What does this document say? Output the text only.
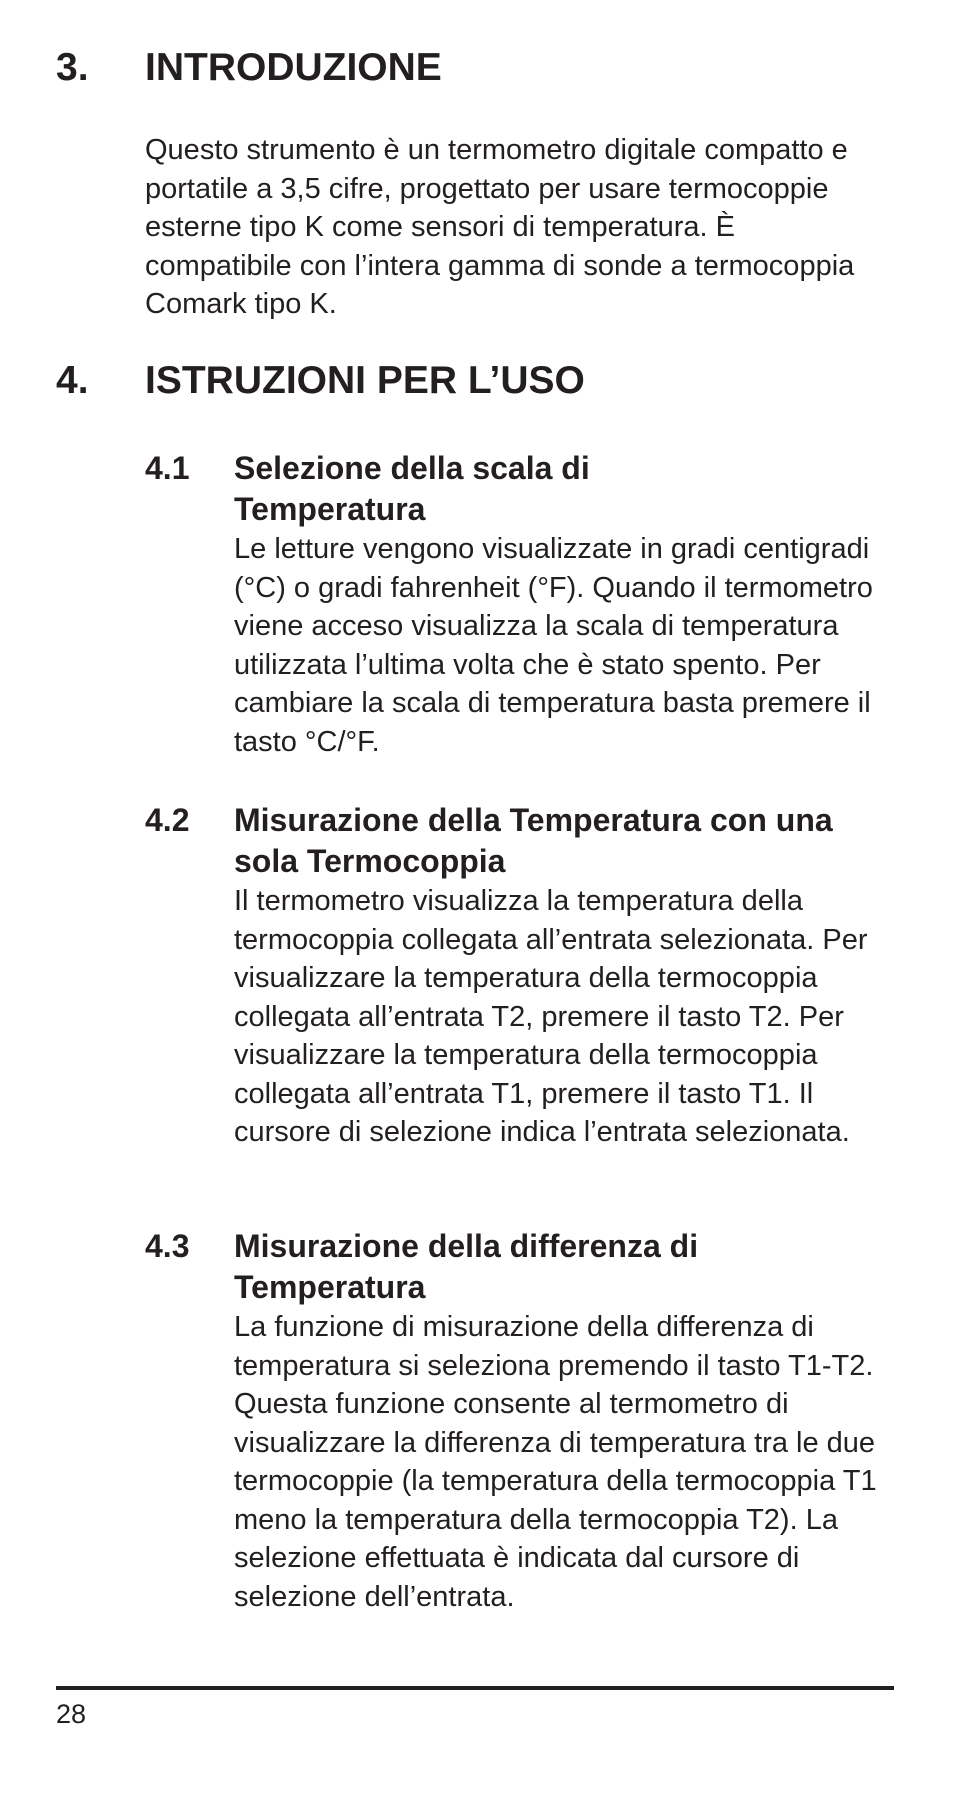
3. INTRODUZIONE

Questo strumento è un termometro digitale compatto e portatile a 3,5 cifre, progettato per usare termocoppie esterne tipo K come sensori di temperatura. È compatibile con l’intera gamma di sonde a termocoppia Comark tipo K.

4. ISTRUZIONI PER L’USO
4.1 Selezione della scala di Temperatura

Le letture vengono visualizzate in gradi centigradi (°C) o gradi fahrenheit (°F). Quando il termometro viene acceso visualizza la scala di temperatura utilizzata l’ultima volta che è stato spento. Per cambiare la scala di temperatura basta premere il tasto °C/°F.

4.2 Misurazione della Temperatura con una sola Termocoppia

Il termometro visualizza la temperatura della termocoppia collegata all’entrata selezionata. Per visualizzare la temperatura della termocoppia collegata all’entrata T2, premere il tasto T2. Per visualizzare la temperatura della termocoppia collegata all’entrata T1, premere il tasto T1. Il cursore di selezione indica l’entrata selezionata.

4.3 Misurazione della differenza di Temperatura

La funzione di misurazione della differenza di temperatura si seleziona premendo il tasto T1-T2. Questa funzione consente al termometro di visualizzare la differenza di temperatura tra le due termocoppie (la temperatura della termocoppia T1 meno la temperatura della termocoppia T2). La selezione effettuata è indicata dal cursore di selezione dell’entrata.

28
